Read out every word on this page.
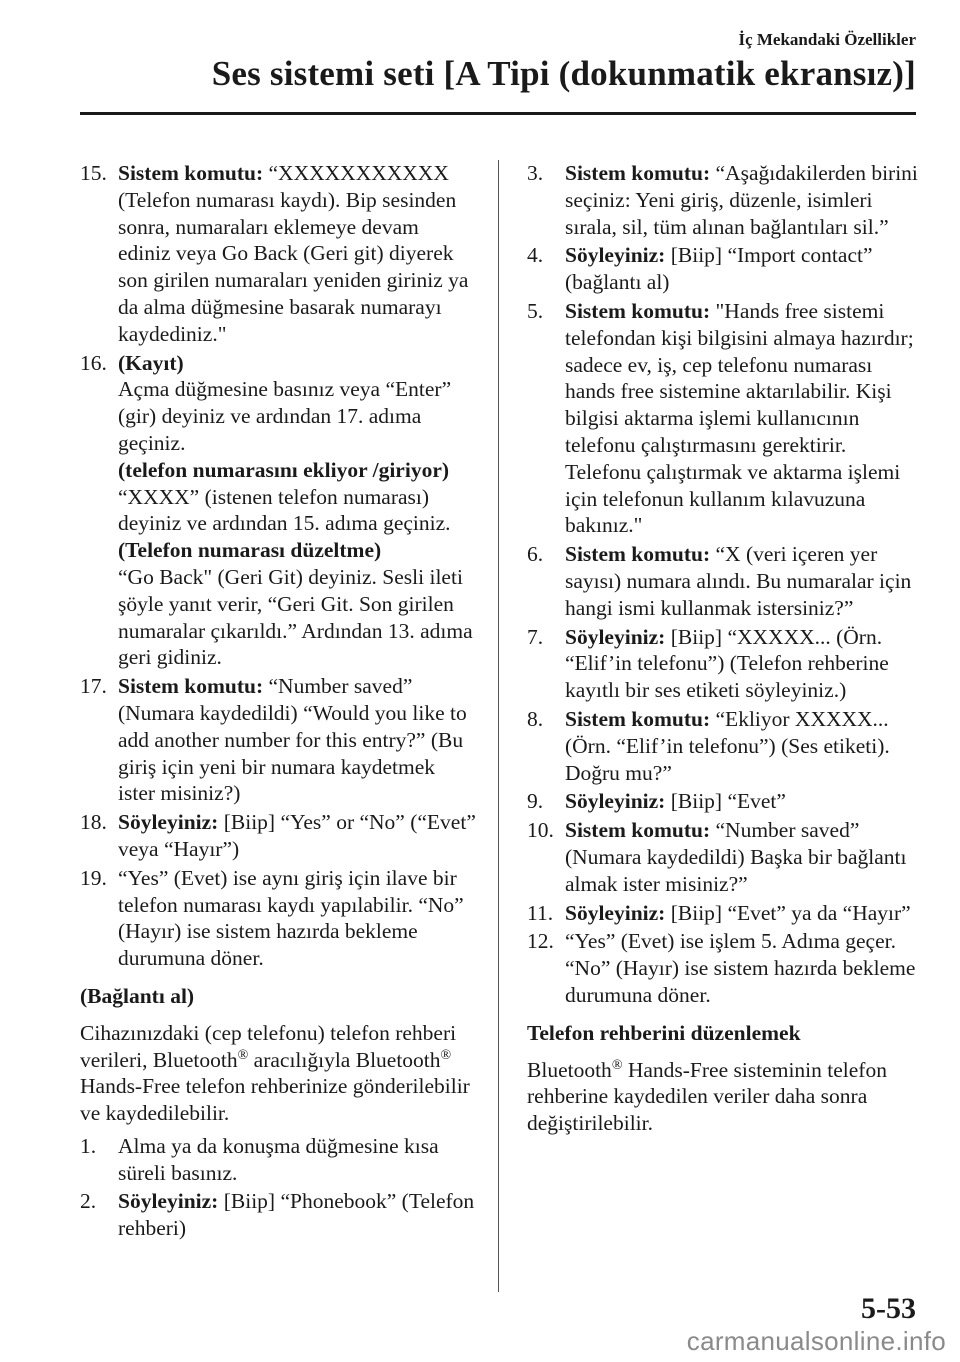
İç Mekandaki Özellikler
Ses sistemi seti [A Tipi (dokunmatik ekransız)]
15. Sistem komutu: “XXXXXXXXXXX (Telefon numarası kaydı). Bip sesinden sonra, numaraları eklemeye devam ediniz veya Go Back (Geri git) diyerek son girilen numaraları yeniden giriniz ya da alma düğmesine basarak numarayı kaydediniz."
16. (Kayıt)
Açma düğmesine basınız veya “Enter” (gir) deyiniz ve ardından 17. adıma geçiniz.
(telefon numarasını ekliyor /giriyor)
“XXXX” (istenen telefon numarası) deyiniz ve ardından 15. adıma geçiniz.
(Telefon numarası düzeltme)
“Go Back" (Geri Git) deyiniz. Sesli ileti şöyle yanıt verir, “Geri Git. Son girilen numaralar çıkarıldı.” Ardından 13. adıma geri gidiniz.
17. Sistem komutu: “Number saved” (Numara kaydedildi) “Would you like to add another number for this entry?” (Bu giriş için yeni bir numara kaydetmek ister misiniz?)
18. Söyleyiniz: [Biip] “Yes” or “No” (“Evet” veya “Hayır”)
19. “Yes” (Evet) ise aynı giriş için ilave bir telefon numarası kaydı yapılabilir. “No” (Hayır) ise sistem hazırda bekleme durumuna döner.
(Bağlantı al)
Cihazınızdaki (cep telefonu) telefon rehberi verileri, Bluetooth® aracılığıyla Bluetooth® Hands-Free telefon rehberinize gönderilebilir ve kaydedilebilir.
1. Alma ya da konuşma düğmesine kısa süreli basınız.
2. Söyleyiniz: [Biip] “Phonebook” (Telefon rehberi)
3. Sistem komutu: “Aşağıdakilerden birini seçiniz: Yeni giriş, düzenle, isimleri sırala, sil, tüm alınan bağlantıları sil.”
4. Söyleyiniz: [Biip] “Import contact” (bağlantı al)
5. Sistem komutu: "Hands free sistemi telefondan kişi bilgisini almaya hazırdır; sadece ev, iş, cep telefonu numarası hands free sistemine aktarılabilir. Kişi bilgisi aktarma işlemi kullanıcının telefonu çalıştırmasını gerektirir. Telefonu çalıştırmak ve aktarma işlemi için telefonun kullanım kılavuzuna bakınız."
6. Sistem komutu: “X (veri içeren yer sayısı) numara alındı. Bu numaralar için hangi ismi kullanmak istersiniz?”
7. Söyleyiniz: [Biip] “XXXXX... (Örn. “Elif’in telefonu”) (Telefon rehberine kayıtlı bir ses etiketi söyleyiniz.)
8. Sistem komutu: “Ekliyor XXXXX... (Örn. “Elif’in telefonu”) (Ses etiketi). Doğru mu?”
9. Söyleyiniz: [Biip] “Evet”
10. Sistem komutu: “Number saved” (Numara kaydedildi) Başka bir bağlantı almak ister misiniz?”
11. Söyleyiniz: [Biip] “Evet” ya da “Hayır”
12. “Yes” (Evet) ise işlem 5. Adıma geçer. “No” (Hayır) ise sistem hazırda bekleme durumuna döner.
Telefon rehberini düzenlemek
Bluetooth® Hands-Free sisteminin telefon rehberine kaydedilen veriler daha sonra değiştirilebilir.
5-53
carmanualsonline.info
